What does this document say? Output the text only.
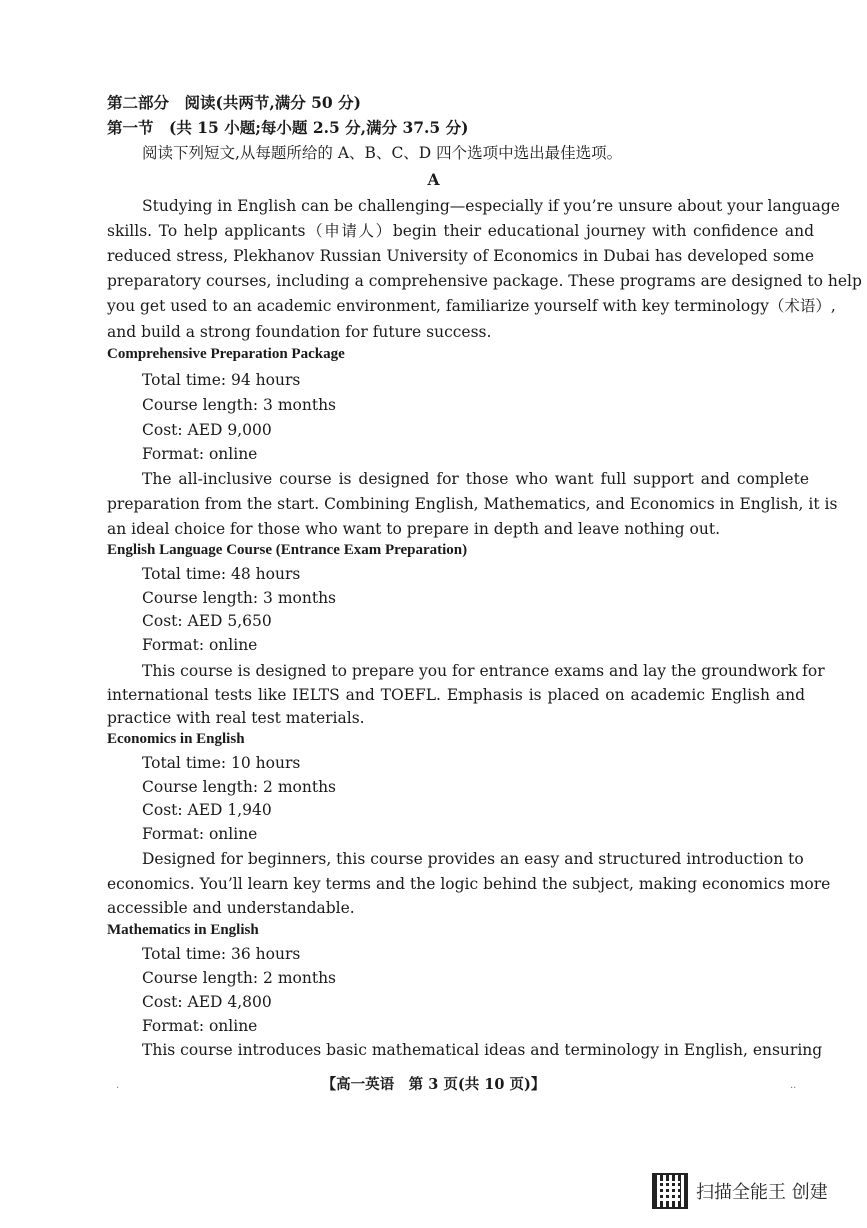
第二部分　阅读(共两节,满分 50 分)
第一节　(共 15 小题;每小题 2.5 分,满分 37.5 分)
阅读下列短文,从每题所给的 A、B、C、D 四个选项中选出最佳选项。
A
Studying in English can be challenging—especially if you’re unsure about your language
skills. To help applicants（申请人）begin their educational journey with confidence and
reduced stress, Plekhanov Russian University of Economics in Dubai has developed some
preparatory courses, including a comprehensive package. These programs are designed to help
you get used to an academic environment, familiarize yourself with key terminology（术语）,
and build a strong foundation for future success.
Comprehensive Preparation Package
Total time: 94 hours
Course length: 3 months
Cost: AED 9,000
Format: online
The all-inclusive course is designed for those who want full support and complete
preparation from the start. Combining English, Mathematics, and Economics in English, it is
an ideal choice for those who want to prepare in depth and leave nothing out.
English Language Course (Entrance Exam Preparation)
Total time: 48 hours
Course length: 3 months
Cost: AED 5,650
Format: online
This course is designed to prepare you for entrance exams and lay the groundwork for
international tests like IELTS and TOEFL. Emphasis is placed on academic English and
practice with real test materials.
Economics in English
Total time: 10 hours
Course length: 2 months
Cost: AED 1,940
Format: online
Designed for beginners, this course provides an easy and structured introduction to
economics. You’ll learn key terms and the logic behind the subject, making economics more
accessible and understandable.
Mathematics in English
Total time: 36 hours
Course length: 2 months
Cost: AED 4,800
Format: online
This course introduces basic mathematical ideas and terminology in English, ensuring
【高一英语　第 3 页(共 10 页)】
.	..
扫描全能王 创建
